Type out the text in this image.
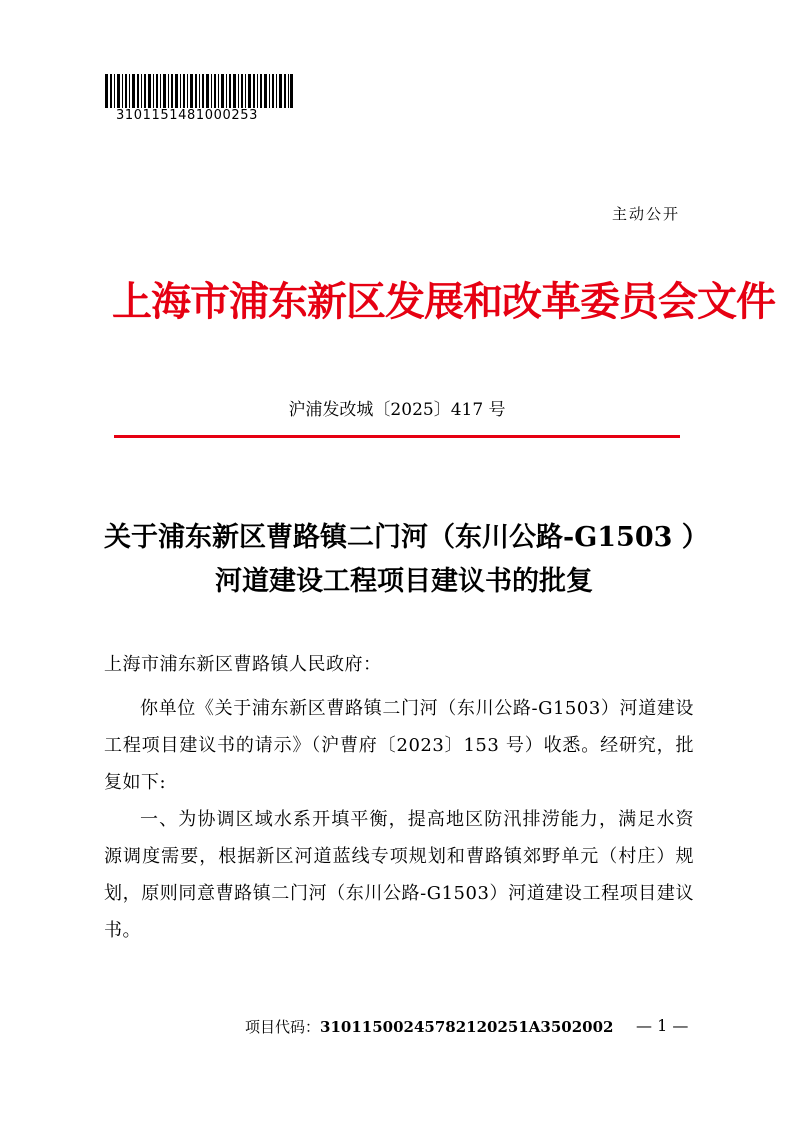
3101151481000253
主动公开
上海市浦东新区发展和改革委员会文件
沪浦发改城〔2025〕417 号
关于浦东新区曹路镇二门河（东川公路-G1503 ）
河道建设工程项目建议书的批复
上海市浦东新区曹路镇人民政府：
你单位《关于浦东新区曹路镇二门河（东川公路-G1503）河道建设工程项目建议书的请示》（沪曹府〔2023〕153 号）收悉。经研究，批复如下:
一、为协调区域水系开填平衡，提高地区防汛排涝能力，满足水资源调度需要，根据新区河道蓝线专项规划和曹路镇郊野单元（村庄）规划，原则同意曹路镇二门河（东川公路-G1503）河道建设工程项目建议书。
项目代码：31011500245782120251A3502002 — 1 —
